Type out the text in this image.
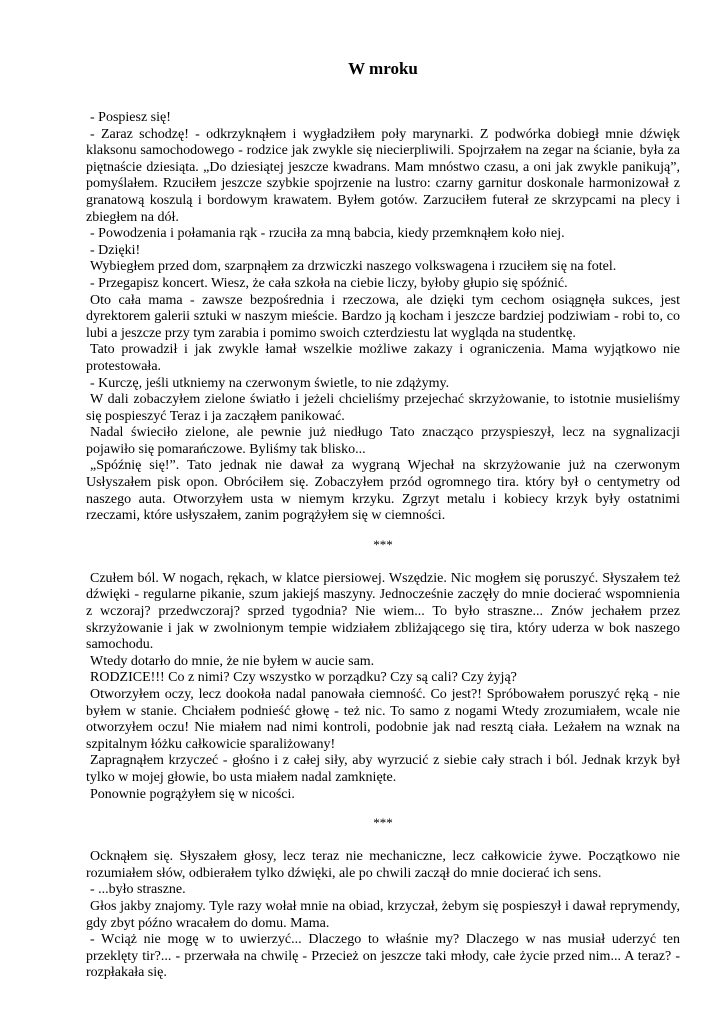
W mroku

- Pospiesz się!

- Zaraz schodzę! - odkrzyknąłem i wygładziłem poły marynarki. Z podwórka dobiegł mnie dźwięk klaksonu samochodowego - rodzice jak zwykle się niecierpliwili. Spojrzałem na zegar na ścianie, była za piętnaście dziesiąta. „Do dziesiątej jeszcze kwadrans. Mam mnóstwo czasu, a oni jak zwykle panikują”, pomyślałem. Rzuciłem jeszcze szybkie spojrzenie na lustro: czarny garnitur doskonale harmonizował z granatową koszulą i bordowym krawatem. Byłem gotów. Zarzuciłem futerał ze skrzypcami na plecy i zbiegłem na dół.

- Powodzenia i połamania rąk - rzuciła za mną babcia, kiedy przemknąłem koło niej.

- Dzięki!

Wybiegłem przed dom, szarpnąłem za drzwiczki naszego volkswagena i rzuciłem się na fotel.

- Przegapisz koncert. Wiesz, że cała szkoła na ciebie liczy, byłoby głupio się spóźnić.

Oto cała mama - zawsze bezpośrednia i rzeczowa, ale dzięki tym cechom osiągnęła sukces, jest dyrektorem galerii sztuki w naszym mieście. Bardzo ją kocham i jeszcze bardziej podziwiam - robi to, co lubi a jeszcze przy tym zarabia i pomimo swoich czterdziestu lat wygląda na studentkę.

Tato prowadził i jak zwykle łamał wszelkie możliwe zakazy i ograniczenia. Mama wyjątkowo nie protestowała.

- Kurczę, jeśli utkniemy na czerwonym świetle, to nie zdążymy.

W dali zobaczyłem zielone światło i jeżeli chcieliśmy przejechać skrzyżowanie, to istotnie musieliśmy się pospieszyć Teraz i ja zacząłem panikować.

Nadal świeciło zielone, ale pewnie już niedługo Tato znacząco przyspieszył, lecz na sygnalizacji pojawiło się pomarańczowe. Byliśmy tak blisko...

„Spóźnię się!”. Tato jednak nie dawał za wygraną Wjechał na skrzyżowanie już na czerwonym Usłyszałem pisk opon. Obróciłem się. Zobaczyłem przód ogromnego tira. który był o centymetry od naszego auta. Otworzyłem usta w niemym krzyku. Zgrzyt metalu i kobiecy krzyk były ostatnimi rzeczami, które usłyszałem, zanim pogrążyłem się w ciemności.

***

Czułem ból. W nogach, rękach, w klatce piersiowej. Wszędzie. Nic mogłem się poruszyć. Słyszałem też dźwięki - regularne pikanie, szum jakiejś maszyny. Jednocześnie zaczęły do mnie docierać wspomnienia z wczoraj? przedwczoraj? sprzed tygodnia? Nie wiem... To było straszne... Znów jechałem przez skrzyżowanie i jak w zwolnionym tempie widziałem zbliżającego się tira, który uderza w bok naszego samochodu.

Wtedy dotarło do mnie, że nie byłem w aucie sam.

RODZICE!!! Co z nimi? Czy wszystko w porządku? Czy są cali? Czy żyją?

Otworzyłem oczy, lecz dookoła nadal panowała ciemność. Co jest?! Spróbowałem poruszyć ręką - nie byłem w stanie. Chciałem podnieść głowę - też nic. To samo z nogami Wtedy zrozumiałem, wcale nie otworzyłem oczu! Nie miałem nad nimi kontroli, podobnie jak nad resztą ciała. Leżałem na wznak na szpitalnym łóżku całkowicie sparaliżowany!

Zapragnąłem krzyczeć - głośno i z całej siły, aby wyrzucić z siebie cały strach i ból. Jednak krzyk był tylko w mojej głowie, bo usta miałem nadal zamknięte.

Ponownie pogrążyłem się w nicości.

***

Ocknąłem się. Słyszałem głosy, lecz teraz nie mechaniczne, lecz całkowicie żywe. Początkowo nie rozumiałem słów, odbierałem tylko dźwięki, ale po chwili zaczął do mnie docierać ich sens.

- ...było straszne.

Głos jakby znajomy. Tyle razy wołał mnie na obiad, krzyczał, żebym się pospieszył i dawał reprymendy, gdy zbyt późno wracałem do domu. Mama.

- Wciąż nie mogę w to uwierzyć... Dlaczego to właśnie my? Dlaczego w nas musiał uderzyć ten przeklęty tir?... - przerwała na chwilę - Przecież on jeszcze taki młody, całe życie przed nim... A teraz? - rozpłakała się.
